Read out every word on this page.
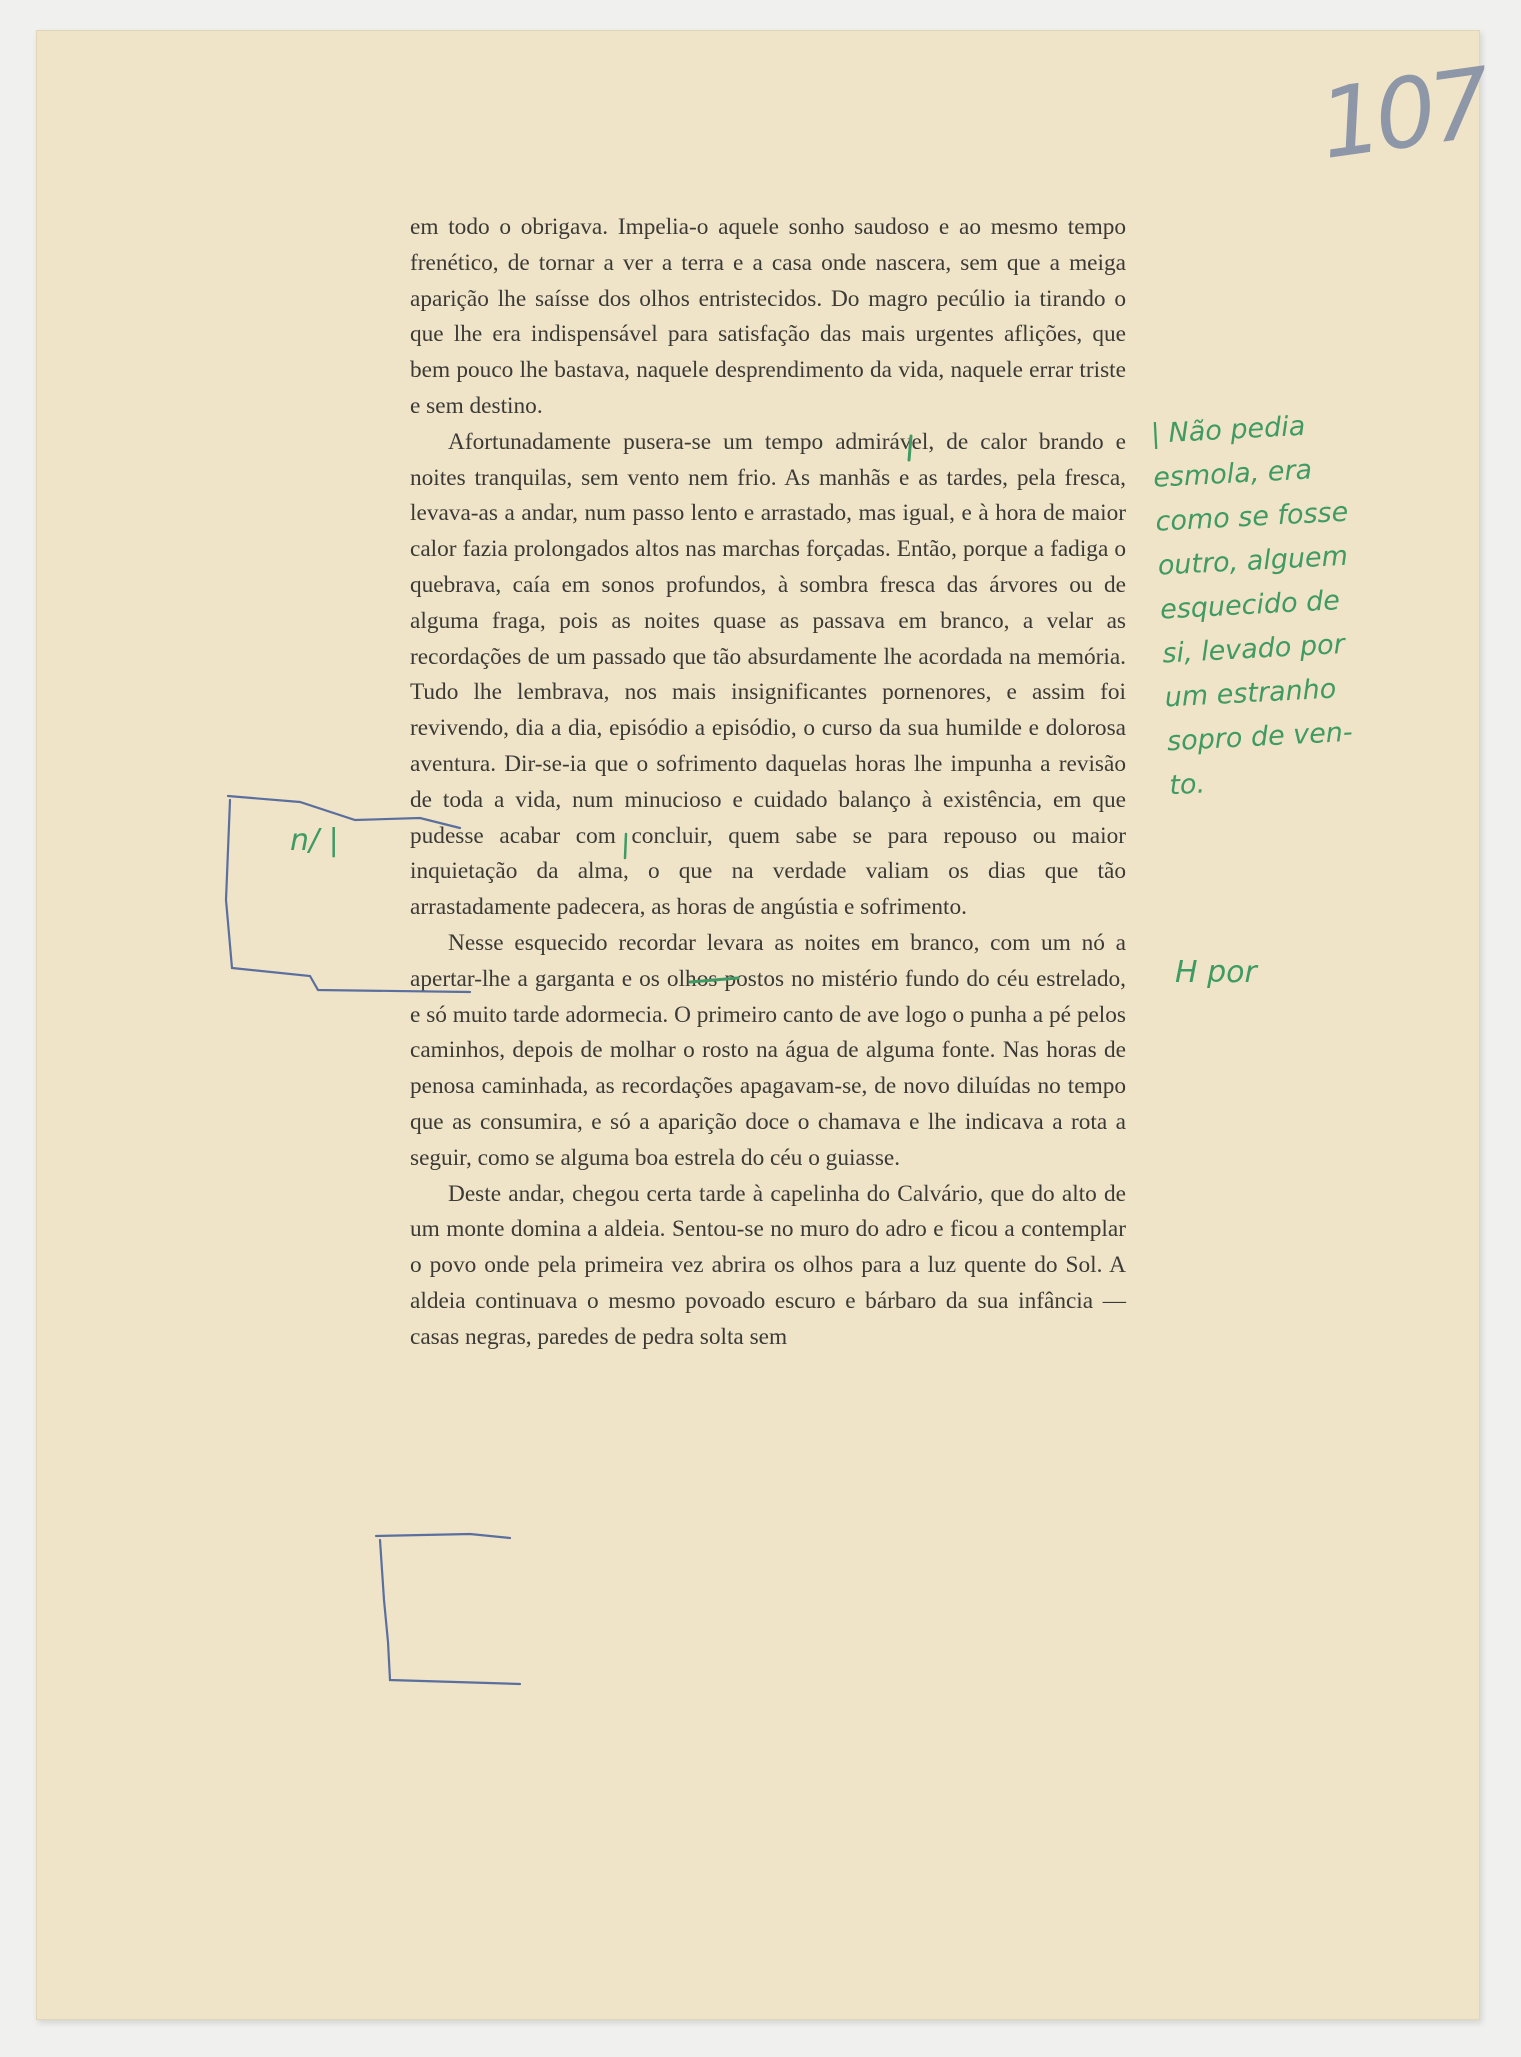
107

em todo o obrigava. Impelia-o aquele sonho saudoso e ao mesmo tempo frenético, de tornar a ver a terra e a casa onde nascera, sem que a meiga aparição lhe saísse dos olhos entristecidos. Do magro pecúlio ia tirando o que lhe era indispensável para satisfação das mais urgentes aflições, que bem pouco lhe bastava, naquele desprendimento da vida, naquele errar triste e sem destino.

Afortunadamente pusera-se um tempo admirável, de calor brando e noites tranquilas, sem vento nem frio. As manhãs e as tardes, pela fresca, levava-as a andar, num passo lento e arrastado, mas igual, e à hora de maior calor fazia prolongados altos nas marchas forçadas. Então, porque a fadiga o quebrava, caía em sonos profundos, à sombra fresca das árvores ou de alguma fraga, pois as noites quase as passava em branco, a velar as recordações de um passado que tão absurdamente lhe acordada na memória. Tudo lhe lembrava, nos mais insignificantes pornenores, e assim foi revivendo, dia a dia, episódio a episódio, o curso da sua humilde e dolorosa aventura. Dir-se-ia que o sofrimento daquelas horas lhe impunha a revisão de toda a vida, num minucioso e cuidado balanço à existência, em que pudesse acabar com concluir, quem sabe se para repouso ou maior inquietação da alma, o que na verdade valiam os dias que tão arrastadamente padecera, as horas de angústia e sofrimento.

Nesse esquecido recordar levara as noites em branco, com um nó a apertar-lhe a garganta e os olhos postos no mistério fundo do céu estrelado, e só muito tarde adormecia. O primeiro canto de ave logo o punha a pé pelos caminhos, depois de molhar o rosto na água de alguma fonte. Nas horas de penosa caminhada, as recordações apagavam-se, de novo diluídas no tempo que as consumira, e só a aparição doce o chamava e lhe indicava a rota a seguir, como se alguma boa estrela do céu o guiasse.

Deste andar, chegou certa tarde à capelinha do Calvário, que do alto de um monte domina a aldeia. Sentou-se no muro do adro e ficou a contemplar o povo onde pela primeira vez abrira os olhos para a luz quente do Sol. A aldeia continuava o mesmo povoado escuro e bárbaro da sua infância — casas negras, paredes de pedra solta sem

| Não pedia
esmola, era
como se fosse
outro, alguem
esquecido de
si, levado por
um estranho
sopro de ven-
to.
H por
n/ |
